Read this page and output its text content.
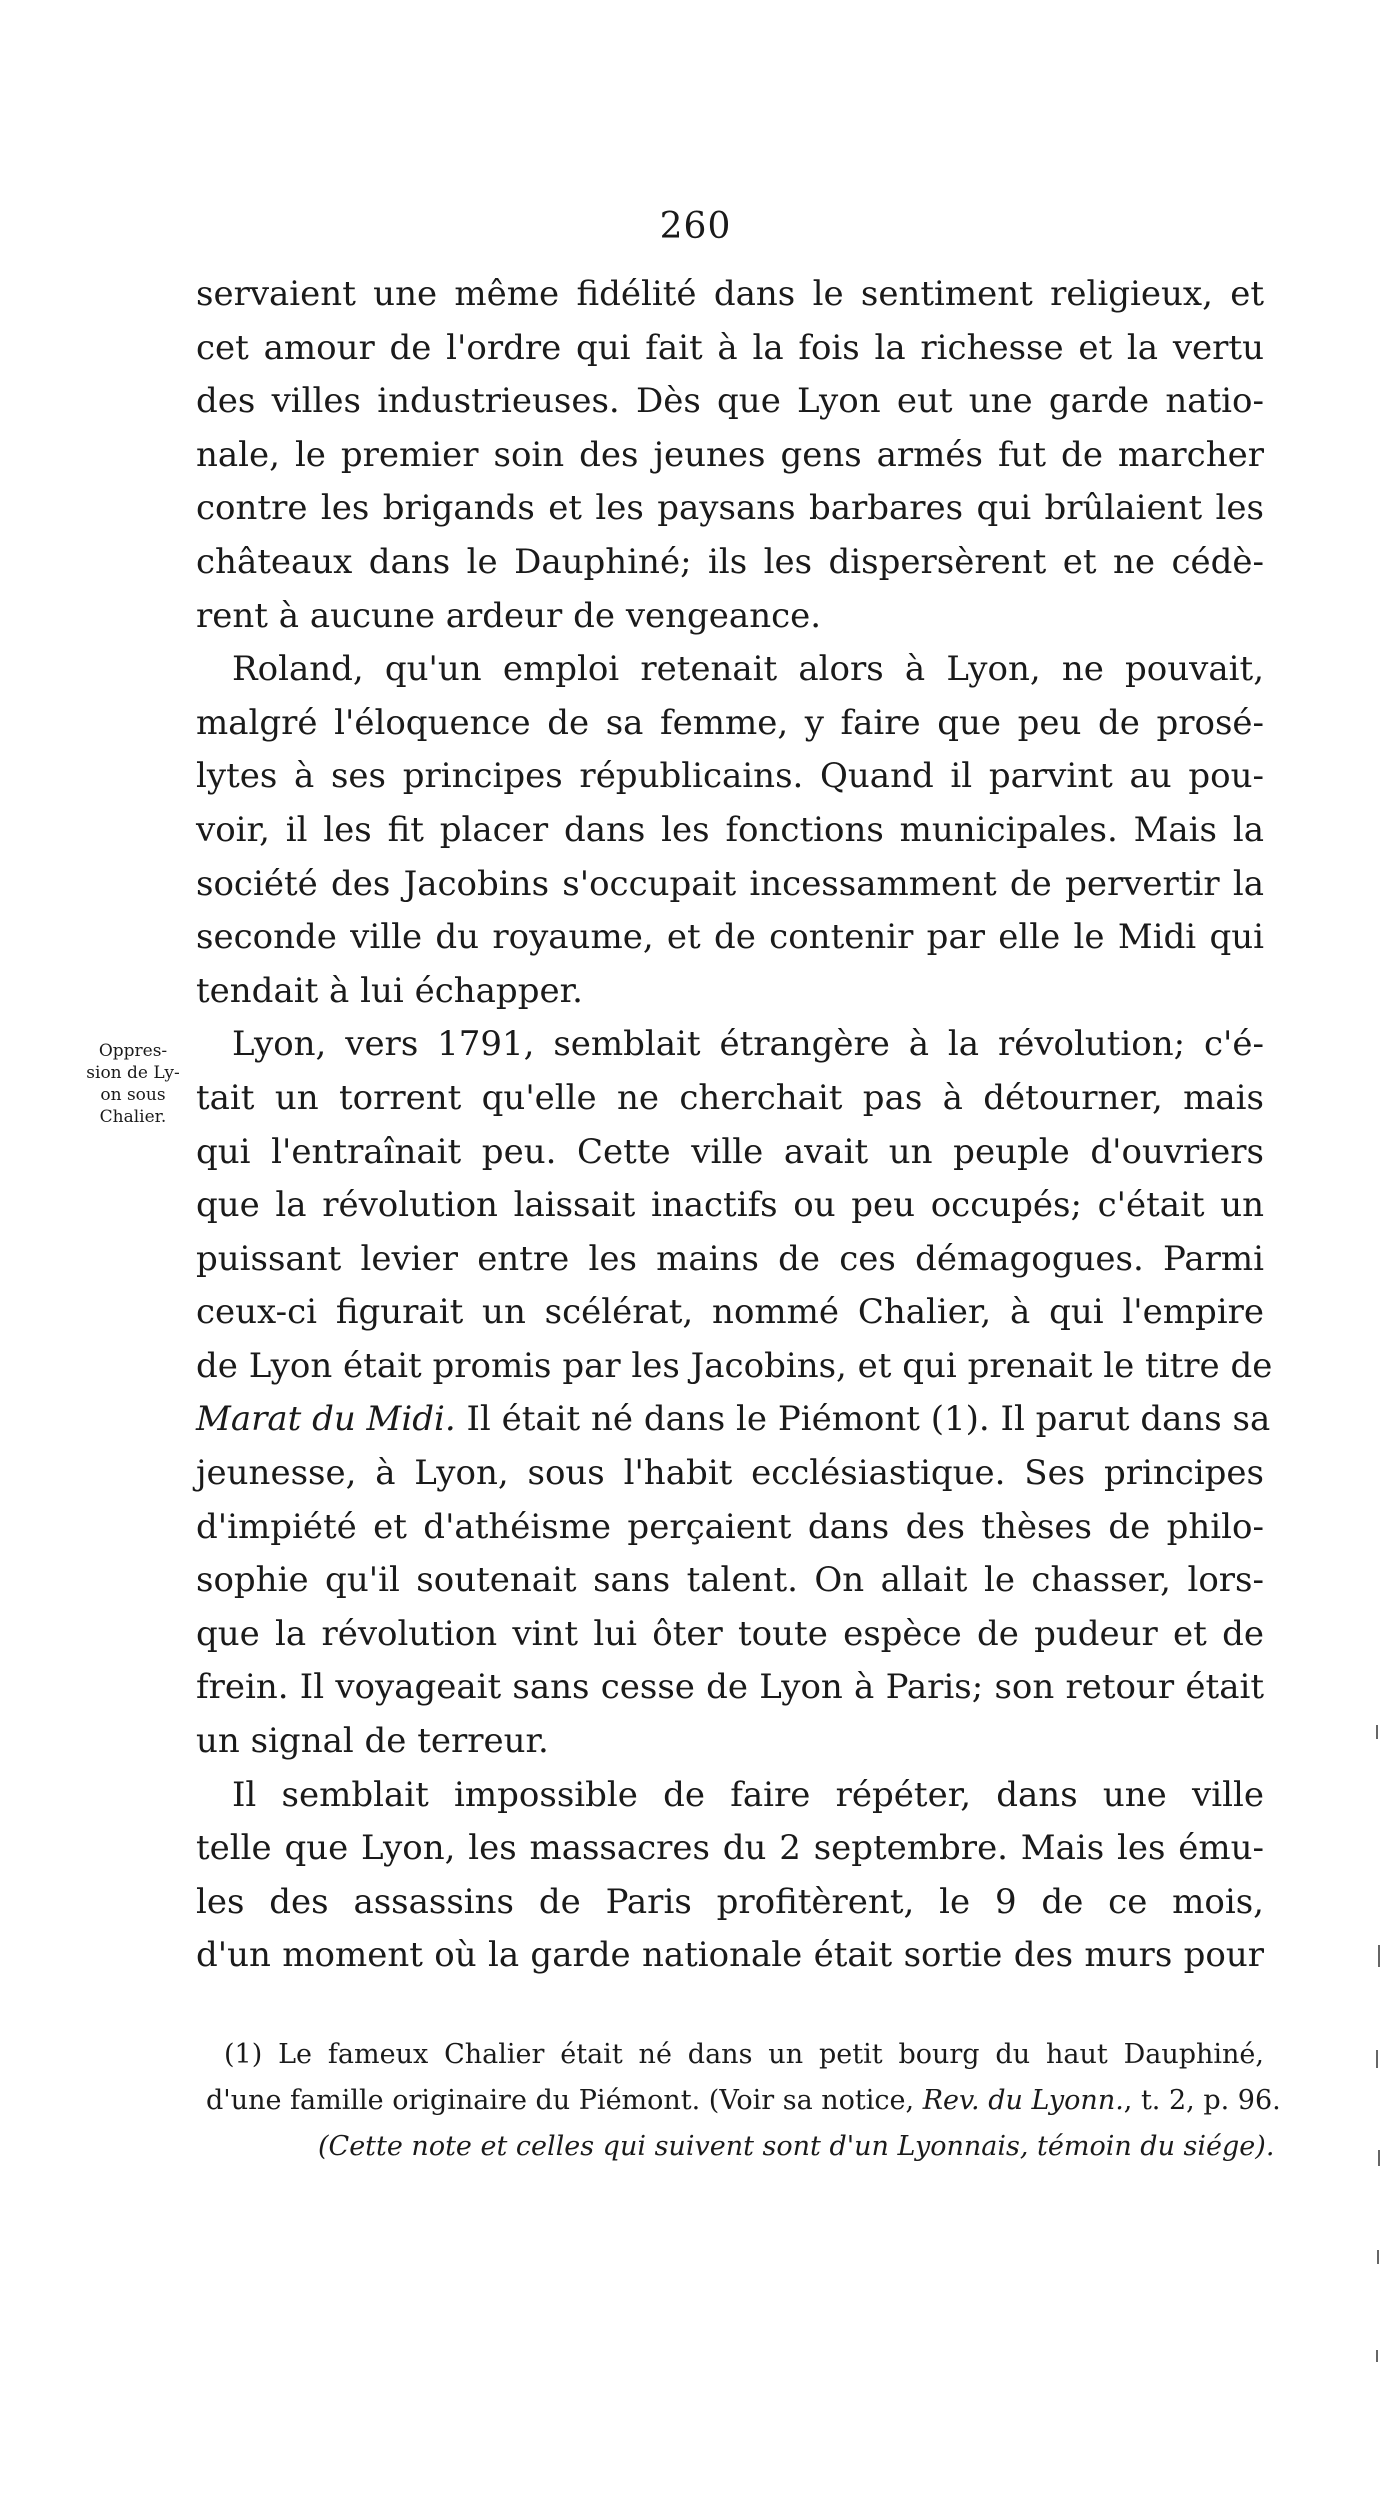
260
Oppres-
sion de Ly-
on sous
Chalier.
servaient une même fidélité dans le sentiment religieux, et
cet amour de l'ordre qui fait à la fois la richesse et la vertu
des villes industrieuses. Dès que Lyon eut une garde natio-
nale, le premier soin des jeunes gens armés fut de marcher
contre les brigands et les paysans barbares qui brûlaient les
châteaux dans le Dauphiné; ils les dispersèrent et ne cédè-
rent à aucune ardeur de vengeance.
Roland, qu'un emploi retenait alors à Lyon, ne pouvait,
malgré l'éloquence de sa femme, y faire que peu de prosé-
lytes à ses principes républicains. Quand il parvint au pou-
voir, il les fit placer dans les fonctions municipales. Mais la
société des Jacobins s'occupait incessamment de pervertir la
seconde ville du royaume, et de contenir par elle le Midi qui
tendait à lui échapper.
Lyon, vers 1791, semblait étrangère à la révolution; c'é-
tait un torrent qu'elle ne cherchait pas à détourner, mais
qui l'entraînait peu. Cette ville avait un peuple d'ouvriers
que la révolution laissait inactifs ou peu occupés; c'était un
puissant levier entre les mains de ces démagogues. Parmi
ceux-ci figurait un scélérat, nommé Chalier, à qui l'empire
de Lyon était promis par les Jacobins, et qui prenait le titre de
Marat du Midi. Il était né dans le Piémont (1). Il parut dans sa
jeunesse, à Lyon, sous l'habit ecclésiastique. Ses principes
d'impiété et d'athéisme perçaient dans des thèses de philo-
sophie qu'il soutenait sans talent. On allait le chasser, lors-
que la révolution vint lui ôter toute espèce de pudeur et de
frein. Il voyageait sans cesse de Lyon à Paris; son retour était
un signal de terreur.
Il semblait impossible de faire répéter, dans une ville
telle que Lyon, les massacres du 2 septembre. Mais les ému-
les des assassins de Paris profitèrent, le 9 de ce mois,
d'un moment où la garde nationale était sortie des murs pour
(1) Le fameux Chalier était né dans un petit bourg du haut Dauphiné,
d'une famille originaire du Piémont. (Voir sa notice, Rev. du Lyonn., t. 2, p. 96.
(Cette note et celles qui suivent sont d'un Lyonnais, témoin du siége).
